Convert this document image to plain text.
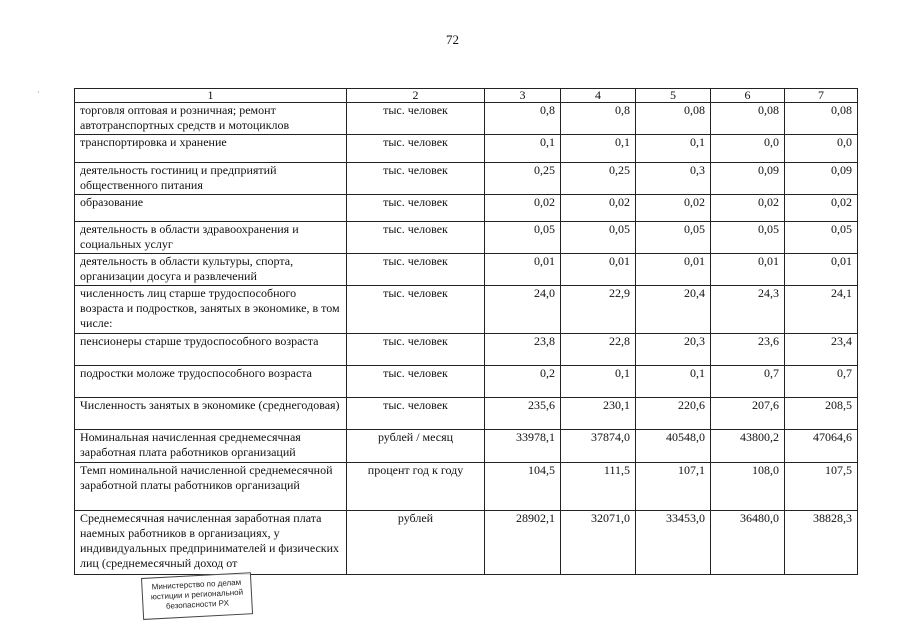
72
·	1	2	3	4	5	6	7
торговля оптовая и розничная; ремонт автотранспортных средств и мотоциклов	тыс. человек	0,8	0,8	0,08	0,08	0,08
транспортировка и хранение	тыс. человек	0,1	0,1	0,1	0,0	0,0
деятельность гостиниц и предприятий общественного питания	тыс. человек	0,25	0,25	0,3	0,09	0,09
образование	тыс. человек	0,02	0,02	0,02	0,02	0,02
деятельность в области здравоохранения и социальных услуг	тыс. человек	0,05	0,05	0,05	0,05	0,05
деятельность в области культуры, спорта, организации досуга и развлечений	тыс. человек	0,01	0,01	0,01	0,01	0,01
численность лиц старше трудоспособного возраста и подростков, занятых в экономике, в том числе:	тыс. человек	24,0	22,9	20,4	24,3	24,1
пенсионеры старше трудоспособного возраста	тыс. человек	23,8	22,8	20,3	23,6	23,4
подростки моложе трудоспособного возраста	тыс. человек	0,2	0,1	0,1	0,7	0,7
Численность занятых в экономике (среднегодовая)	тыс. человек	235,6	230,1	220,6	207,6	208,5
Номинальная начисленная среднемесячная заработная плата работников организаций	рублей / месяц	33978,1	37874,0	40548,0	43800,2	47064,6
Темп номинальной начисленной среднемесячной заработной платы работников организаций	процент год к году	104,5	111,5	107,1	108,0	107,5
Среднемесячная начисленная заработная плата наемных работников в организациях, у индивидуальных предпринимателей и физических лиц (среднемесячный доход от	рублей	28902,1	32071,0	33453,0	36480,0	38828,3
Министерство по делам
юстиции и региональной
безопасности РХ
